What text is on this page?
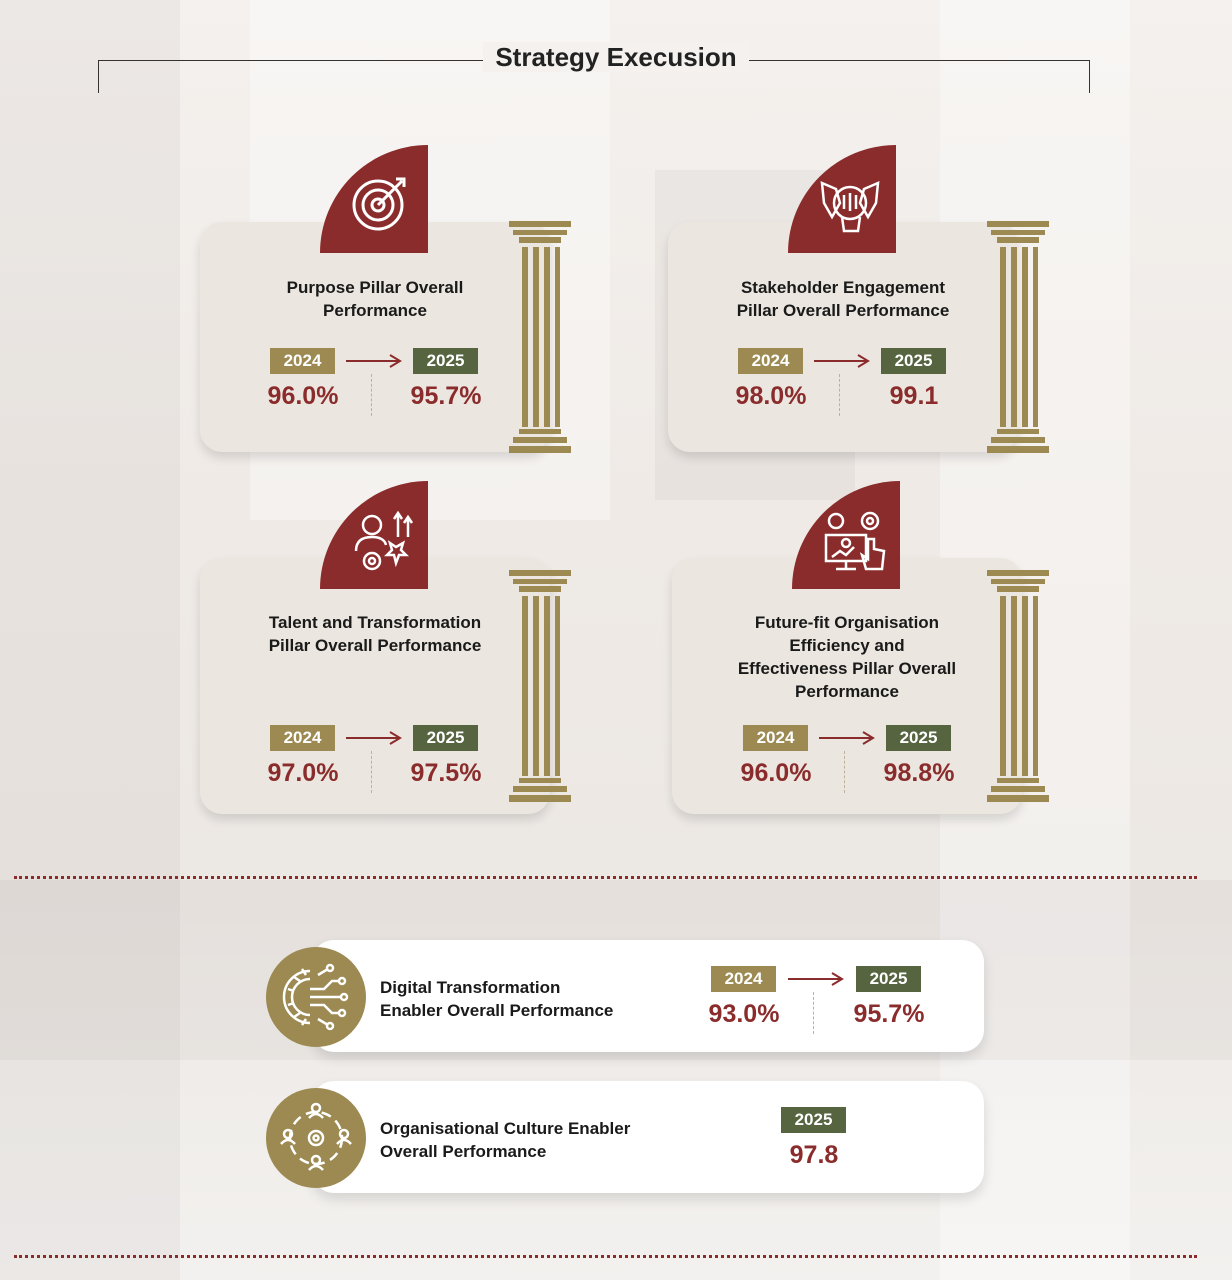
Strategy Execusion
Purpose Pillar Overall
Performance
2024	2025
96.0%	95.7%
Stakeholder Engagement
Pillar Overall Performance
2024	2025
98.0%	99.1
Talent and Transformation
Pillar Overall Performance
2024	2025
97.0%	97.5%
Future-fit Organisation
Efficiency and
Effectiveness Pillar Overall
Performance
2024	2025
96.0%	98.8%
Digital Transformation
Enabler Overall Performance
2024	2025
93.0%	95.7%
Organisational Culture Enabler
Overall Performance
2025
97.8
